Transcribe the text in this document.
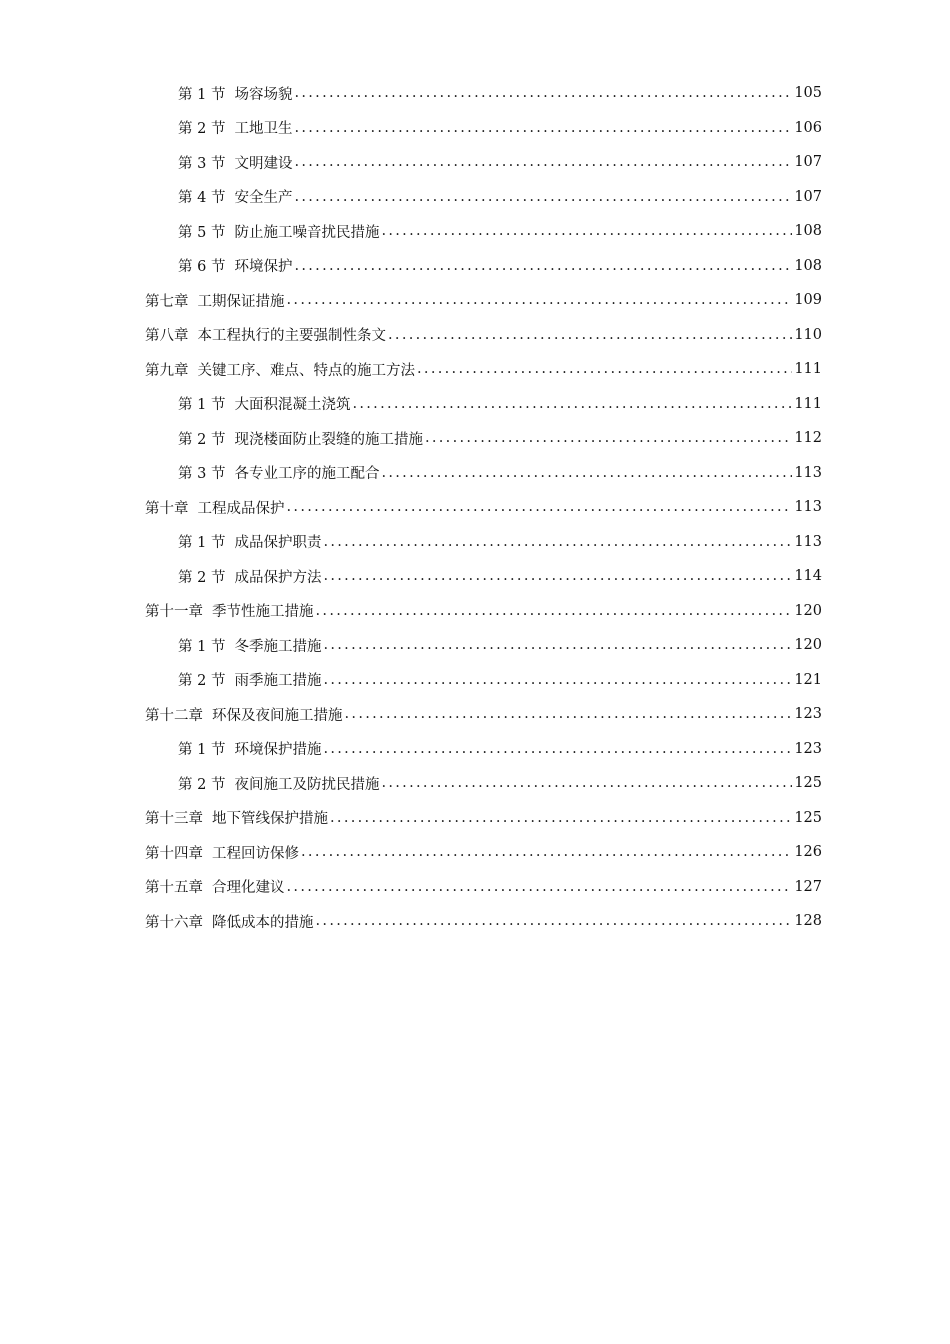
第 1 节 场容场貌 .....	105
第 2 节 工地卫生 .....	106
第 3 节 文明建设 .....	107
第 4 节 安全生产 .....	107
第 5 节 防止施工噪音扰民措施 .....	108
第 6 节 环境保护 .....	108
第七章 工期保证措施 .....	109
第八章 本工程执行的主要强制性条文 .....	110
第九章 关键工序、难点、特点的施工方法 .....	111
第 1 节 大面积混凝土浇筑 .....	111
第 2 节 现浇楼面防止裂缝的施工措施 .....	112
第 3 节 各专业工序的施工配合 .....	113
第十章 工程成品保护 .....	113
第 1 节 成品保护职责 .....	113
第 2 节 成品保护方法 .....	114
第十一章 季节性施工措施 .....	120
第 1 节 冬季施工措施 .....	120
第 2 节 雨季施工措施 .....	121
第十二章 环保及夜间施工措施 .....	123
第 1 节 环境保护措施 .....	123
第 2 节 夜间施工及防扰民措施 .....	125
第十三章 地下管线保护措施 .....	125
第十四章 工程回访保修 .....	126
第十五章 合理化建议 .....	127
第十六章 降低成本的措施 .....	128
